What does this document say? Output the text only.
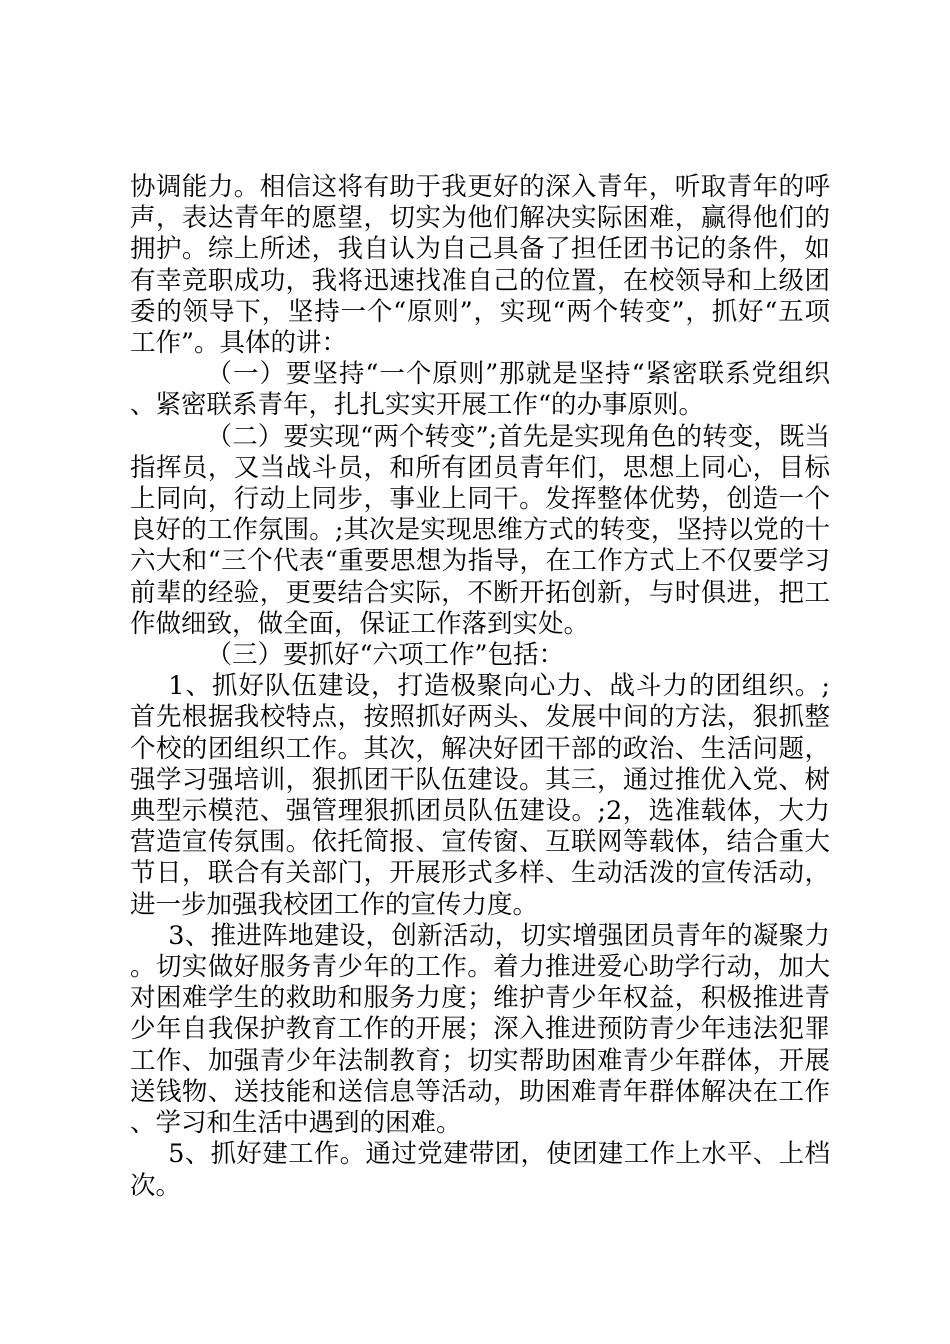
协调能力。相信这将有助于我更好的深入青年，听取青年的呼声，表达青年的愿望，切实为他们解决实际困难，赢得他们的拥护。综上所述，我自认为自己具备了担任团书记的条件，如有幸竞职成功，我将迅速找准自己的位置，在校领导和上级团委的领导下，坚持一个“原则”，实现“两个转变”，抓好“五项工作”。具体的讲：

（一）要坚持“一个原则”那就是坚持“紧密联系党组织、紧密联系青年，扎扎实实开展工作“的办事原则。

（二）要实现“两个转变”;首先是实现角色的转变，既当指挥员，又当战斗员，和所有团员青年们，思想上同心，目标上同向，行动上同步，事业上同干。发挥整体优势，创造一个良好的工作氛围。;其次是实现思维方式的转变，坚持以党的十六大和“三个代表“重要思想为指导，在工作方式上不仅要学习前辈的经验，更要结合实际，不断开拓创新，与时俱进，把工作做细致，做全面，保证工作落到实处。

（三）要抓好“六项工作”包括：

1、抓好队伍建设，打造极聚向心力、战斗力的团组织。;首先根据我校特点，按照抓好两头、发展中间的方法，狠抓整个校的团组织工作。其次，解决好团干部的政治、生活问题，强学习强培训，狠抓团干队伍建设。其三，通过推优入党、树典型示模范、强管理狠抓团员队伍建设。;2，选准载体，大力营造宣传氛围。依托简报、宣传窗、互联网等载体，结合重大节日，联合有关部门，开展形式多样、生动活泼的宣传活动，进一步加强我校团工作的宣传力度。

3、推进阵地建设，创新活动，切实增强团员青年的凝聚力。切实做好服务青少年的工作。着力推进爱心助学行动，加大对困难学生的救助和服务力度；维护青少年权益，积极推进青少年自我保护教育工作的开展；深入推进预防青少年违法犯罪工作、加强青少年法制教育；切实帮助困难青少年群体，开展送钱物、送技能和送信息等活动，助困难青年群体解决在工作、学习和生活中遇到的困难。

5、抓好建工作。通过党建带团，使团建工作上水平、上档次。
